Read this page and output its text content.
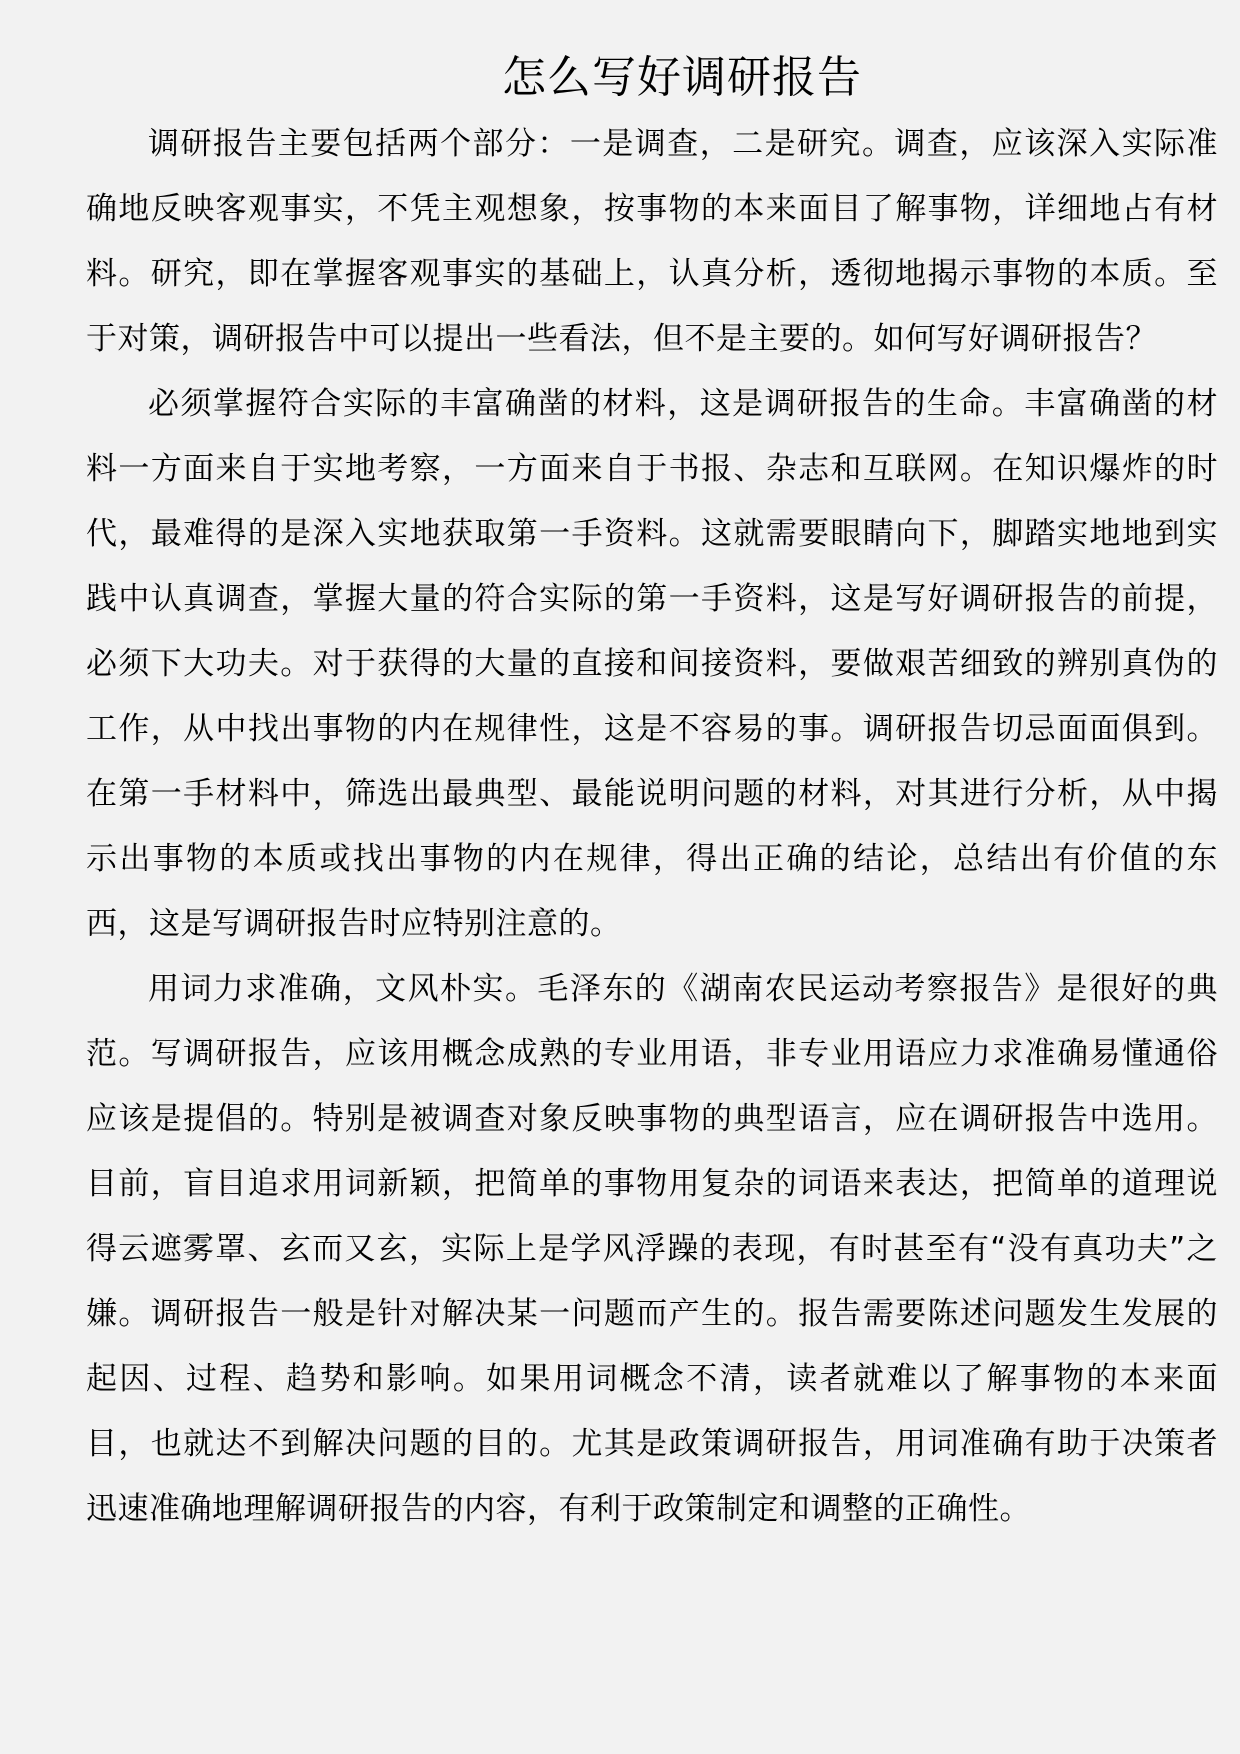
怎么写好调研报告

调研报告主要包括两个部分：一是调查，二是研究。调查，应该深入实际准确地反映客观事实，不凭主观想象，按事物的本来面目了解事物，详细地占有材料。研究，即在掌握客观事实的基础上，认真分析，透彻地揭示事物的本质。至于对策，调研报告中可以提出一些看法，但不是主要的。如何写好调研报告？

必须掌握符合实际的丰富确凿的材料，这是调研报告的生命。丰富确凿的材料一方面来自于实地考察，一方面来自于书报、杂志和互联网。在知识爆炸的时代，最难得的是深入实地获取第一手资料。这就需要眼睛向下，脚踏实地地到实践中认真调查，掌握大量的符合实际的第一手资料，这是写好调研报告的前提，必须下大功夫。对于获得的大量的直接和间接资料，要做艰苦细致的辨别真伪的工作，从中找出事物的内在规律性，这是不容易的事。调研报告切忌面面俱到。在第一手材料中，筛选出最典型、最能说明问题的材料，对其进行分析，从中揭示出事物的本质或找出事物的内在规律，得出正确的结论，总结出有价值的东西，这是写调研报告时应特别注意的。

用词力求准确，文风朴实。毛泽东的《湖南农民运动考察报告》是很好的典范。写调研报告，应该用概念成熟的专业用语，非专业用语应力求准确易懂通俗应该是提倡的。特别是被调查对象反映事物的典型语言，应在调研报告中选用。目前，盲目追求用词新颖，把简单的事物用复杂的词语来表达，把简单的道理说得云遮雾罩、玄而又玄，实际上是学风浮躁的表现，有时甚至有“没有真功夫”之嫌。调研报告一般是针对解决某一问题而产生的。报告需要陈述问题发生发展的起因、过程、趋势和影响。如果用词概念不清，读者就难以了解事物的本来面目，也就达不到解决问题的目的。尤其是政策调研报告，用词准确有助于决策者迅速准确地理解调研报告的内容，有利于政策制定和调整的正确性。
